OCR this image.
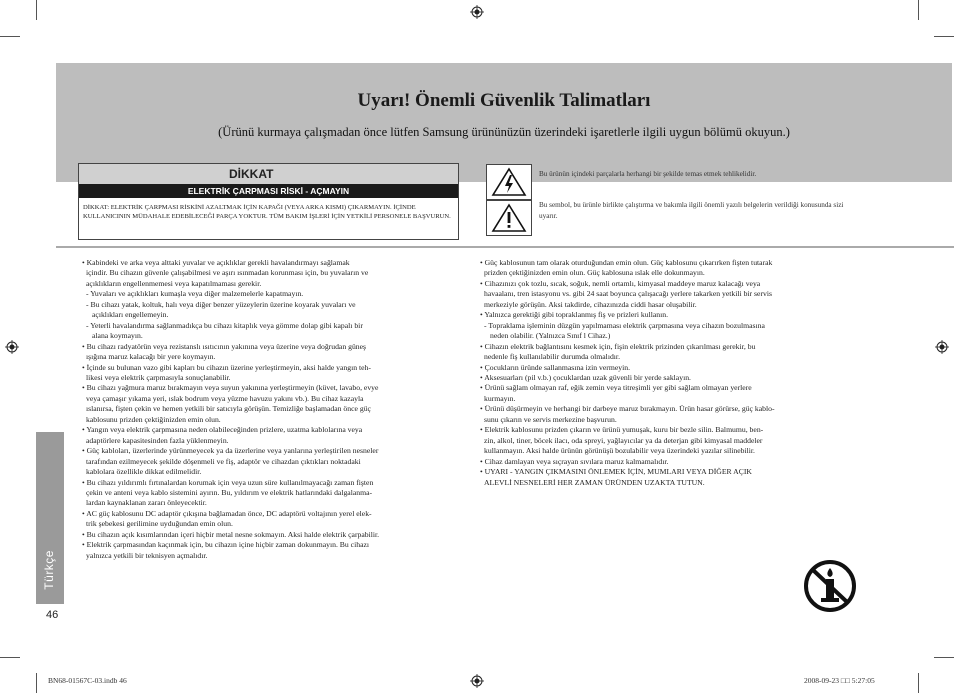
Uyarı! Önemli Güvenlik Talimatları
(Ürünü kurmaya çalışmadan önce lütfen Samsung ürününüzün üzerindeki işaretlerle ilgili uygun bölümü okuyun.)
DİKKAT
ELEKTRİK ÇARPMASI RİSKİ - AÇMAYIN
DİKKAT: ELEKTRİK ÇARPMASI RİSKİNİ AZALTMAK İÇİN KAPAĞI (VEYA ARKA KISMI) ÇIKARMAYIN. İÇİNDE KULLANICININ MÜDAHALE EDEBİLECEĞİ PARÇA YOKTUR. TÜM BAKIM İŞLERİ İÇİN YETKİLİ PERSONELE BAŞVURUN.
Bu ürünün içindeki parçalarla herhangi bir şekilde temas etmek tehlikelidir.
Bu sembol, bu ürünle birlikte çalıştırma ve bakımla ilgili önemli yazılı belgelerin verildiği konusunda sizi uyarır.

• Kabindeki ve arka veya alttaki yuvalar ve açıklıklar gerekli havalandırmayı sağlamak

içindir. Bu cihazın güvenle çalışabilmesi ve aşırı ısınmadan korunması için, bu yuvaların ve

açıklıkların engellenmemesi veya kapatılmaması gerekir.

- Yuvaları ve açıklıkları kumaşla veya diğer malzemelerle kapatmayın.

- Bu cihazı yatak, koltuk, halı veya diğer benzer yüzeylerin üzerine koyarak yuvaları ve

açıklıkları engellemeyin.

- Yeterli havalandırma sağlanmadıkça bu cihazı kitaplık veya gömme dolap gibi kapalı bir

alana koymayın.

• Bu cihazı radyatörün veya rezistanslı ısıtıcının yakınına veya üzerine veya doğrudan güneş

ışığına maruz kalacağı bir yere koymayın.

• İçinde su bulunan vazo gibi kapları bu cihazın üzerine yerleştirmeyin, aksi halde yangın teh-

likesi veya elektrik çarpmasıyla sonuçlanabilir.

• Bu cihazı yağmura maruz bırakmayın veya suyun yakınına yerleştirmeyin (küvet, lavabo, evye

veya çamaşır yıkama yeri, ıslak bodrum veya yüzme havuzu yakını vb.). Bu cihaz kazayla

ıslanırsa, fişten çekin ve hemen yetkili bir satıcıyla görüşün. Temizliğe başlamadan önce güç

kablosunu prizden çektiğinizden emin olun.

• Yangın veya elektrik çarpmasına neden olabileceğinden prizlere, uzatma kablolarına veya

adaptörlere kapasitesinden fazla yüklenmeyin.

• Güç kabloları, üzerlerinde yürünmeyecek ya da üzerlerine veya yanlarına yerleştirilen nesneler

tarafından ezilmeyecek şekilde döşenmeli ve fiş, adaptör ve cihazdan çıktıkları noktadaki

kablolara özellikle dikkat edilmelidir.

• Bu cihazı yıldırımlı fırtınalardan korumak için veya uzun süre kullanılmayacağı zaman fişten

çekin ve anteni veya kablo sistemini ayırın. Bu, yıldırım ve elektrik hatlarındaki dalgalanma-

lardan kaynaklanan zararı önleyecektir.

• AC güç kablosunu DC adaptör çıkışına bağlamadan önce, DC adaptörü voltajının yerel elek-

trik şebekesi gerilimine uyduğundan emin olun.

• Bu cihazın açık kısımlarından içeri hiçbir metal nesne sokmayın. Aksi halde elektrik çarpabilir.

• Elektrik çarpmasından kaçınmak için, bu cihazın içine hiçbir zaman dokunmayın. Bu cihazı

yalnızca yetkili bir teknisyen açmalıdır.

• Güç kablosunun tam olarak oturduğundan emin olun. Güç kablosunu çıkarırken fişten tutarak

prizden çektiğinizden emin olun. Güç kablosuna ıslak elle dokunmayın.

• Cihazınızı çok tozlu, sıcak, soğuk, nemli ortamlı, kimyasal maddeye maruz kalacağı veya

havaalanı, tren istasyonu vs. gibi 24 saat boyunca çalışacağı yerlere takarken yetkili bir servis

merkeziyle görüşün. Aksi takdirde, cihazınızda ciddi hasar oluşabilir.

• Yalnızca gerektiği gibi topraklanmış fiş ve prizleri kullanın.

- Topraklama işleminin düzgün yapılmaması elektrik çarpmasına veya cihazın bozulmasına

neden olabilir. (Yalnızca Sınıf l Cihaz.)

• Cihazın elektrik bağlantısını kesmek için, fişin elektrik prizinden çıkarılması gerekir, bu

nedenle fiş kullanılabilir durumda olmalıdır.

• Çocukların üründe sallanmasına izin vermeyin.

• Aksesuarları (pil v.b.) çocuklardan uzak güvenli bir yerde saklayın.

• Ürünü sağlam olmayan raf, eğik zemin veya titreşimli yer gibi sağlam olmayan yerlere

kurmayın.

• Ürünü düşürmeyin ve herhangi bir darbeye maruz bırakmayın. Ürün hasar görürse, güç kablo-

sunu çıkarın ve servis merkezine başvurun.

• Elektrik kablosunu prizden çıkarın ve ürünü yumuşak, kuru bir bezle silin. Balmumu, ben-

zin, alkol, tiner, böcek ilacı, oda spreyi, yağlayıcılar ya da deterjan gibi kimyasal maddeler

kullanmayın. Aksi halde ürünün görünüşü bozulabilir veya üzerindeki yazılar silinebilir.

• Cihaz damlayan veya sıçrayan sıvılara maruz kalmamalıdır.

• UYARI - YANGIN ÇIKMASINI ÖNLEMEK İÇİN, MUMLARI VEYA DİĞER AÇIK

ALEVLİ NESNELERİ HER ZAMAN ÜRÜNDEN UZAKTA TUTUN.

Türkçe
46
BN68-01567C-03.indb 46	2008-09-23 □□ 5:27:05
